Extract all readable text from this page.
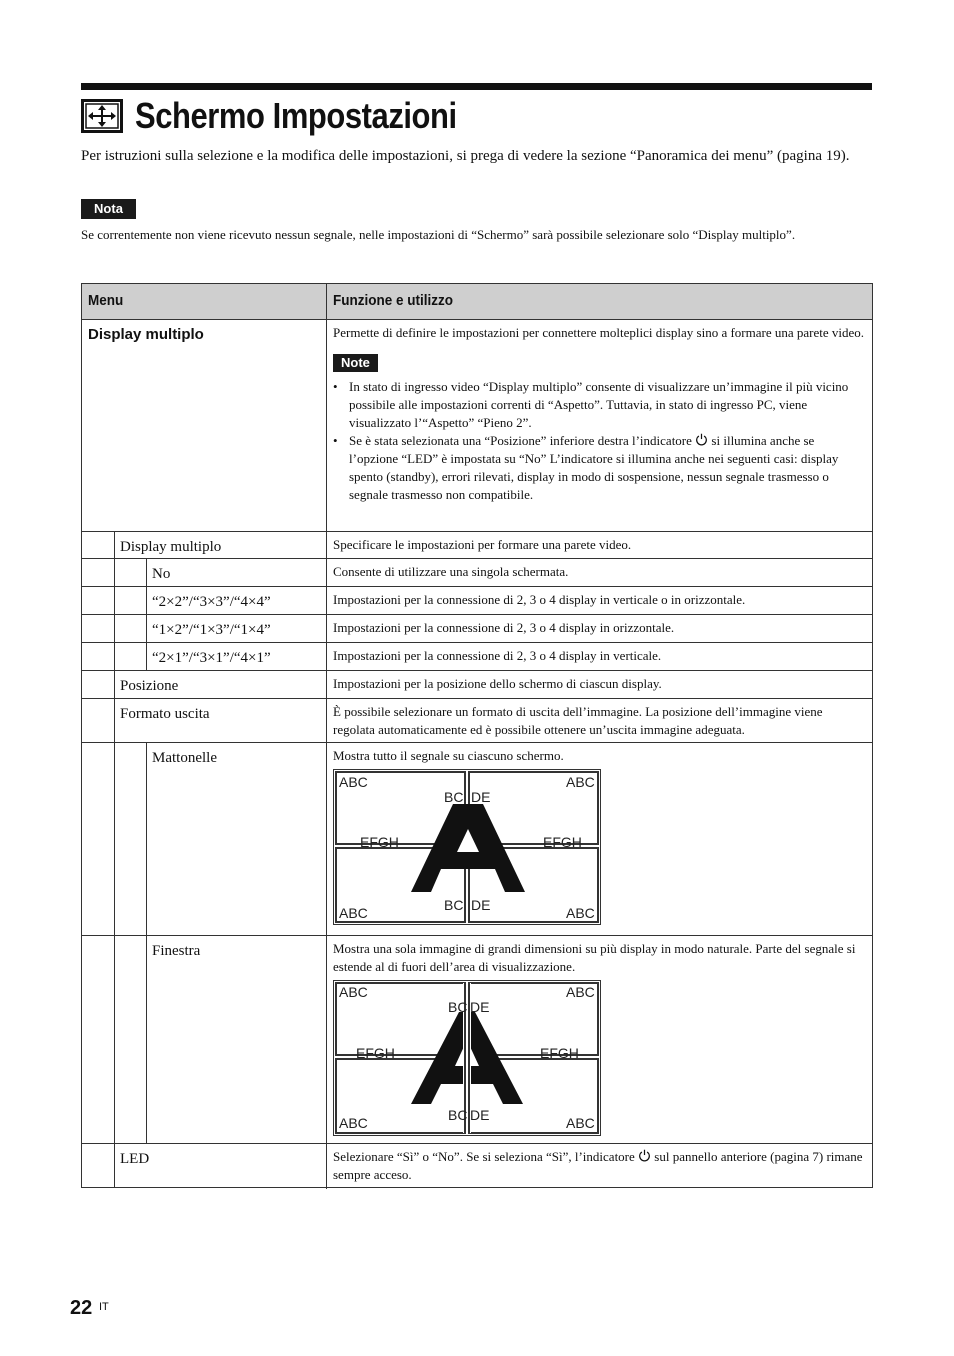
Schermo Impostazioni

Per istruzioni sulla selezione e la modifica delle impostazioni, si prega di vedere la sezione “Panoramica dei menu” (pagina 19).

Nota

Se correntemente non viene ricevuto nessun segnale, nelle impostazioni di “Schermo” sarà possibile selezionare solo “Display multiplo”.

Menu	Funzione e utilizzo
Display multiplo	Permette di definire le impostazioni per connettere molteplici display sino a formare una parete video.
Note
• In stato di ingresso video “Display multiplo” consente di visualizzare un’immagine il più vicino possibile alle impostazioni correnti di “Aspetto”. Tuttavia, in stato di ingresso PC, viene visualizzato l’“Aspetto” “Pieno 2”.
• Se è stata selezionata una “Posizione” inferiore destra l’indicatore si illumina anche se l’opzione “LED” è impostata su “No” L’indicatore si illumina anche nei seguenti casi: display spento (standby), errori rilevati, display in modo di sospensione, nessun segnale trasmesso o segnale trasmesso non compatibile.
Display multiplo	Specificare le impostazioni per formare una parete video.
No	Consente di utilizzare una singola schermata.
“2×2”/“3×3”/“4×4”	Impostazioni per la connessione di 2, 3 o 4 display in verticale o in orizzontale.
“1×2”/“1×3”/“1×4”	Impostazioni per la connessione di 2, 3 o 4 display in orizzontale.
“2×1”/“3×1”/“4×1”	Impostazioni per la connessione di 2, 3 o 4 display in verticale.
Posizione	Impostazioni per la posizione dello schermo di ciascun display.
Formato uscita	È possibile selezionare un formato di uscita dell’immagine. La posizione dell’immagine viene regolata automaticamente ed è possibile ottenere un’uscita immagine adeguata.
Mattonelle	Mostra tutto il segnale su ciascuno schermo.
ABC	ABC
BC DE
EFGH	EFGH
BC DE
ABC	ABC
Finestra	Mostra una sola immagine di grandi dimensioni su più display in modo naturale. Parte del segnale si estende al di fuori dell’area di visualizzazione.
ABC	ABC
BC DE
EFGH	EFGH
BC DE
ABC	ABC
LED	Selezionare “Sì” o “No”. Se si seleziona “Sì”, l’indicatore sul pannello anteriore (pagina 7) rimane sempre acceso.
22 IT
